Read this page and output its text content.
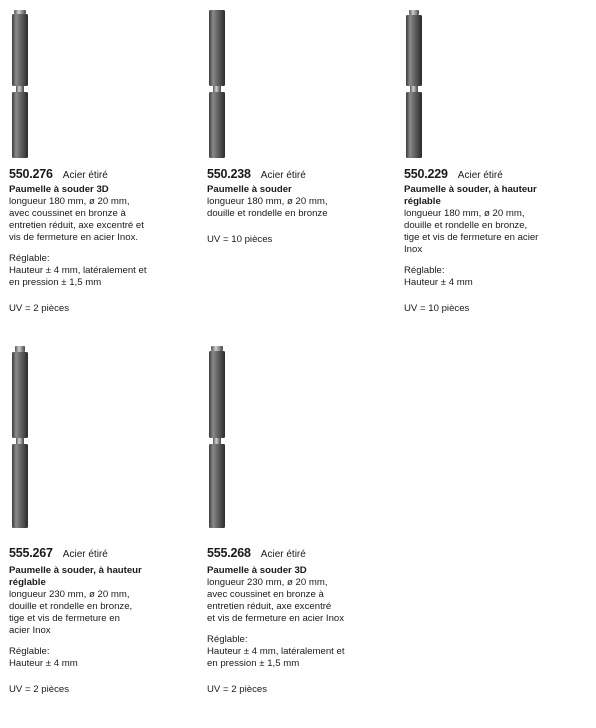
550.276 Acier étiré
Paumelle à souder 3D
longueur 180 mm, ø 20 mm,
avec coussinet en bronze à
entretien réduit, axe excentré et
vis de fermeture en acier Inox.
Réglable:
Hauteur ± 4 mm, latéralement et
en pression ± 1,5 mm
UV = 2 pièces
550.238 Acier étiré
Paumelle à souder
longueur 180 mm, ø 20 mm,
douille et rondelle en bronze
UV = 10 pièces
550.229 Acier étiré
Paumelle à souder, à hauteur réglable
longueur 180 mm, ø 20 mm,
douille et rondelle en bronze,
tige et vis de fermeture en acier
Inox
Réglable:
Hauteur ± 4 mm
UV = 10 pièces
555.267 Acier étiré
Paumelle à souder, à hauteur réglable
longueur 230 mm, ø 20 mm,
douille et rondelle en bronze,
tige et vis de fermeture en
acier Inox
Réglable:
Hauteur ± 4 mm
UV = 2 pièces
555.268 Acier étiré
Paumelle à souder 3D
longueur 230 mm, ø 20 mm,
avec coussinet en bronze à
entretien réduit, axe excentré
et vis de fermeture en acier Inox
Réglable:
Hauteur ± 4 mm, latéralement et
en pression ± 1,5 mm
UV = 2 pièces
